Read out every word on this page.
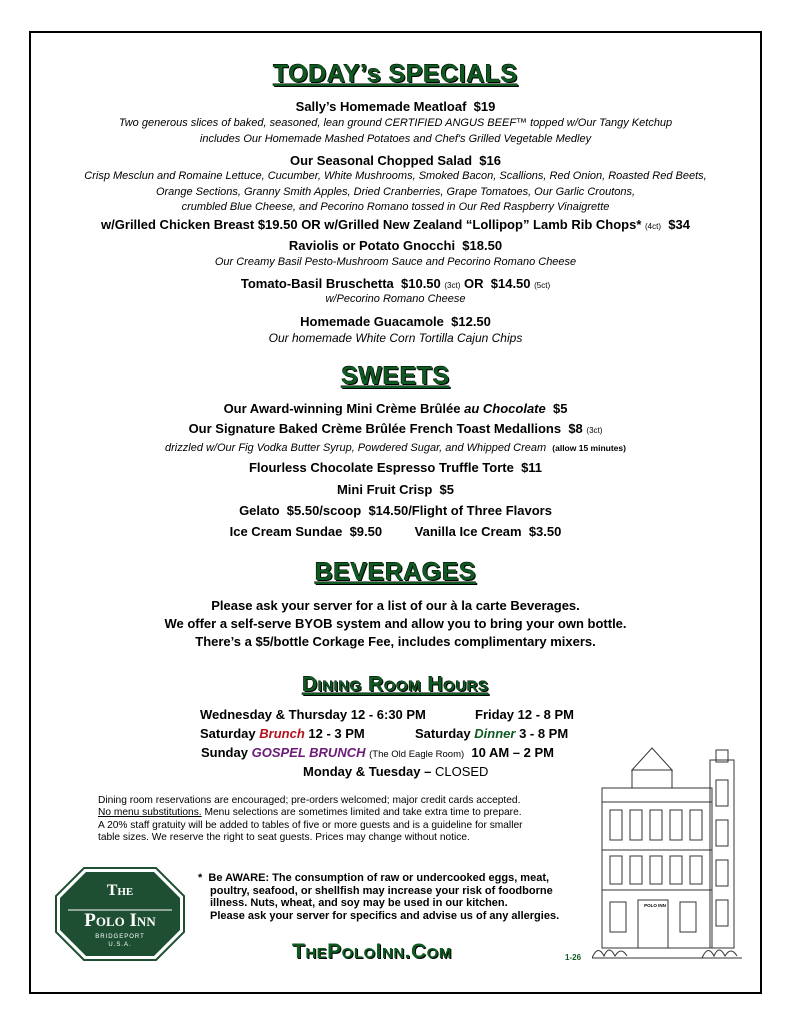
TODAY’s SPECIALS
Sally’s Homemade Meatloaf $19
Two generous slices of baked, seasoned, lean ground CERTIFIED ANGUS BEEF™ topped w/Our Tangy Ketchup
includes Our Homemade Mashed Potatoes and Chef's Grilled Vegetable Medley
Our Seasonal Chopped Salad $16
Crisp Mesclun and Romaine Lettuce, Cucumber, White Mushrooms, Smoked Bacon, Scallions, Red Onion, Roasted Red Beets,
Orange Sections, Granny Smith Apples, Dried Cranberries, Grape Tomatoes, Our Garlic Croutons,
crumbled Blue Cheese, and Pecorino Romano tossed in Our Red Raspberry Vinaigrette
w/Grilled Chicken Breast $19.50 OR w/Grilled New Zealand “Lollipop” Lamb Rib Chops* (4ct) $34
Raviolis or Potato Gnocchi $18.50
Our Creamy Basil Pesto-Mushroom Sauce and Pecorino Romano Cheese
Tomato-Basil Bruschetta $10.50 (3ct) OR $14.50 (5ct)
w/Pecorino Romano Cheese
Homemade Guacamole $12.50
Our homemade White Corn Tortilla Cajun Chips
SWEETS
Our Award-winning Mini Crème Brûlée au Chocolate $5
Our Signature Baked Crème Brûlée French Toast Medallions $8 (3ct)
drizzled w/Our Fig Vodka Butter Syrup, Powdered Sugar, and Whipped Cream (allow 15 minutes)
Flourless Chocolate Espresso Truffle Torte $11
Mini Fruit Crisp $5
Gelato $5.50/scoop $14.50/Flight of Three Flavors
Ice Cream Sundae $9.50	Vanilla Ice Cream $3.50
BEVERAGES
Please ask your server for a list of our à la carte Beverages.
We offer a self-serve BYOB system and allow you to bring your own bottle.
There’s a $5/bottle Corkage Fee, includes complimentary mixers.
Dining Room Hours
Wednesday & Thursday 12 - 6:30 PM	Friday 12 - 8 PM
Saturday Brunch 12 - 3 PM	Saturday Dinner 3 - 8 PM
Sunday GOSPEL BRUNCH (The Old Eagle Room) 10 AM – 2 PM
Monday & Tuesday – CLOSED
Dining room reservations are encouraged; pre-orders welcomed; major credit cards accepted.
No menu substitutions. Menu selections are sometimes limited and take extra time to prepare.
A 20% staff gratuity will be added to tables of five or more guests and is a guideline for smaller
table sizes. We reserve the right to seat guests. Prices may change without notice.
The
Polo Inn
BRIDGEPORT
U.S.A.
* Be AWARE: The consumption of raw or undercooked eggs, meat,
poultry, seafood, or shellfish may increase your risk of foodborne
illness. Nuts, wheat, and soy may be used in our kitchen.
Please ask your server for specifics and advise us of any allergies.
POLO INN
ThePoloInn.Com	1-26
